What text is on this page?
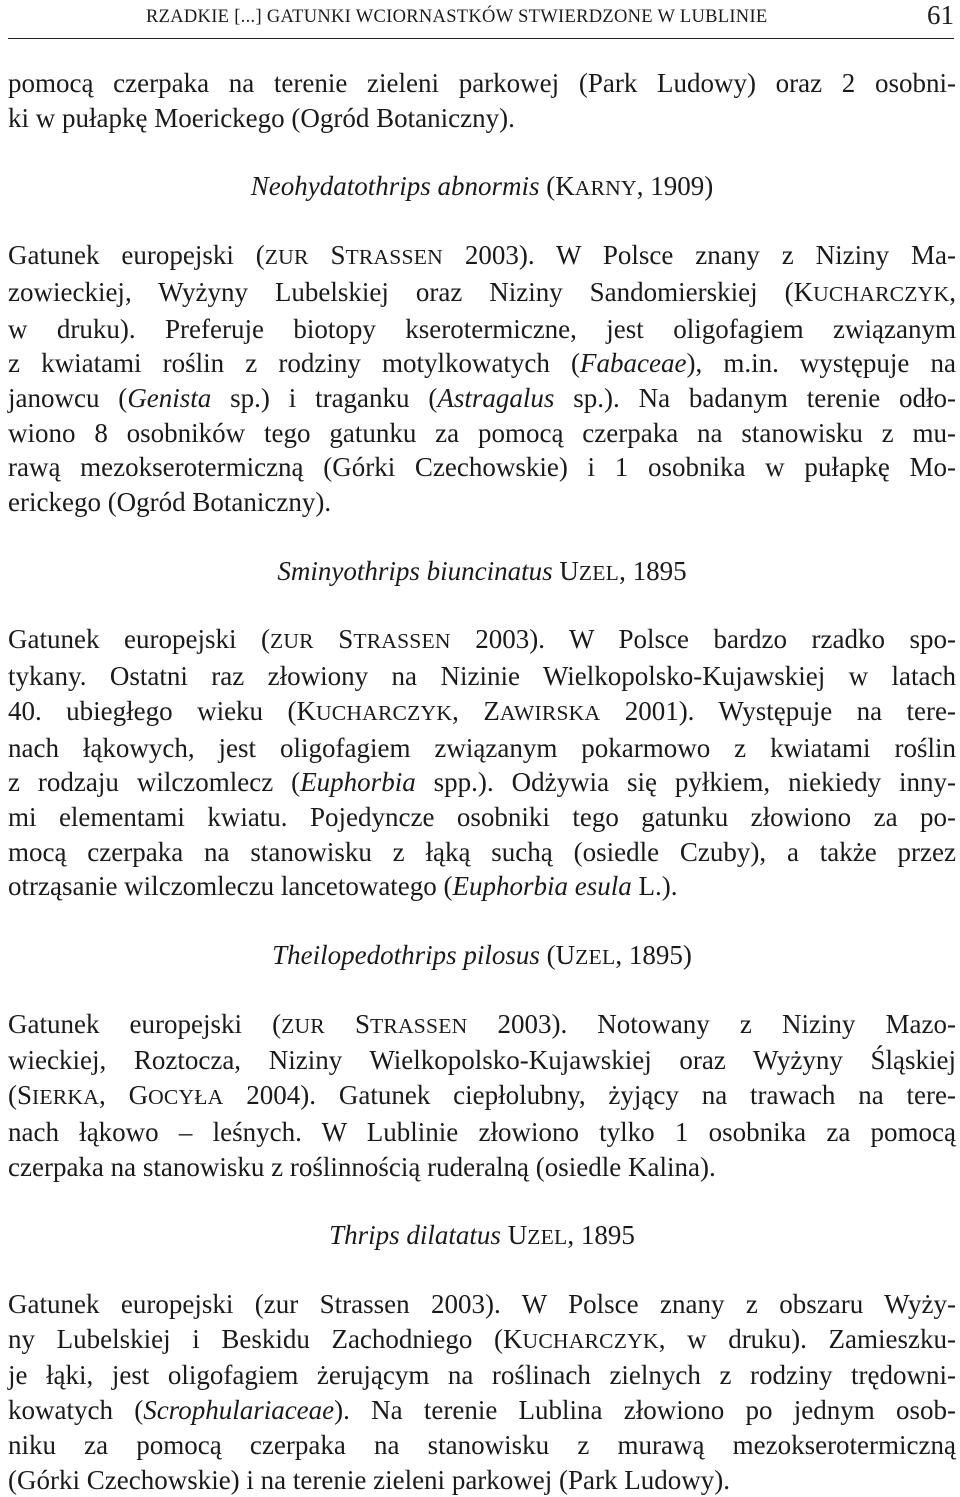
RZADKIE [...] GATUNKI WCIORNASTKÓW STWIERDZONE W LUBLINIE	61

pomocą czerpaka na terenie zieleni parkowej (Park Ludowy) oraz 2 osobni-

ki w pułapkę Moerickego (Ogród Botaniczny).

Neohydatothrips abnormis (KARNY, 1909)

Gatunek europejski (ZUR STRASSEN 2003). W Polsce znany z Niziny Ma-

zowieckiej, Wyżyny Lubelskiej oraz Niziny Sandomierskiej (KUCHARCZYK,

w druku). Preferuje biotopy kserotermiczne, jest oligofagiem związanym

z kwiatami roślin z rodziny motylkowatych (Fabaceae), m.in. występuje na

janowcu (Genista sp.) i traganku (Astragalus sp.). Na badanym terenie odło-

wiono 8 osobników tego gatunku za pomocą czerpaka na stanowisku z mu-

rawą mezokserotermiczną (Górki Czechowskie) i 1 osobnika w pułapkę Mo-

erickego (Ogród Botaniczny).

Sminyothrips biuncinatus UZEL, 1895

Gatunek europejski (ZUR STRASSEN 2003). W Polsce bardzo rzadko spo-

tykany. Ostatni raz złowiony na Nizinie Wielkopolsko-Kujawskiej w latach

40. ubiegłego wieku (KUCHARCZYK, ZAWIRSKA 2001). Występuje na tere-

nach łąkowych, jest oligofagiem związanym pokarmowo z kwiatami roślin

z rodzaju wilczomlecz (Euphorbia spp.). Odżywia się pyłkiem, niekiedy inny-

mi elementami kwiatu. Pojedyncze osobniki tego gatunku złowiono za po-

mocą czerpaka na stanowisku z łąką suchą (osiedle Czuby), a także przez

otrząsanie wilczomleczu lancetowatego (Euphorbia esula L.).

Theilopedothrips pilosus (UZEL, 1895)

Gatunek europejski (ZUR STRASSEN 2003). Notowany z Niziny Mazo-

wieckiej, Roztocza, Niziny Wielkopolsko-Kujawskiej oraz Wyżyny Śląskiej

(SIERKA, GOCYŁA 2004). Gatunek ciepłolubny, żyjący na trawach na tere-

nach łąkowo – leśnych. W Lublinie złowiono tylko 1 osobnika za pomocą

czerpaka na stanowisku z roślinnością ruderalną (osiedle Kalina).

Thrips dilatatus UZEL, 1895

Gatunek europejski (zur Strassen 2003). W Polsce znany z obszaru Wyży-

ny Lubelskiej i Beskidu Zachodniego (KUCHARCZYK, w druku). Zamieszku-

je łąki, jest oligofagiem żerującym na roślinach zielnych z rodziny trędowni-

kowatych (Scrophulariaceae). Na terenie Lublina złowiono po jednym osob-

niku za pomocą czerpaka na stanowisku z murawą mezokserotermiczną

(Górki Czechowskie) i na terenie zieleni parkowej (Park Ludowy).
